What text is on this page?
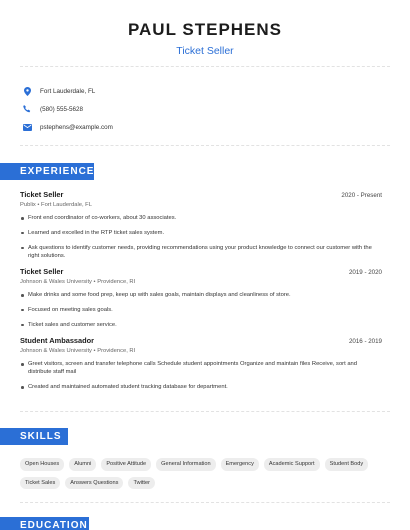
PAUL STEPHENS
Ticket Seller
Fort Lauderdale, FL
(580) 555-5628
pstephens@example.com
EXPERIENCE
Ticket Seller	2020 - Present
Publix • Fort Lauderdale, FL
Front end coordinator of co-workers, about 30 associates.
Learned and excelled in the RTP ticket sales system.
Ask questions to identify customer needs, providing recommendations using your product knowledge to connect our customer with the right solutions.
Ticket Seller	2019 - 2020
Johnson & Wales University • Providence, RI
Make drinks and some food prep, keep up with sales goals, maintain displays and cleanliness of store.
Focused on meeting sales goals.
Ticket sales and customer service.
Student Ambassador	2016 - 2019
Johnson & Wales University • Providence, RI
Greet visitors, screen and transfer telephone calls Schedule student appointments Organize and maintain files Receive, sort and distribute staff mail
Created and maintained automated student tracking database for department.
SKILLS
Open Houses	Alumni	Positive Attitude	General Information	Emergency	Academic Support	Student Body
Ticket Sales	Answers Questions	Twitter
EDUCATION
